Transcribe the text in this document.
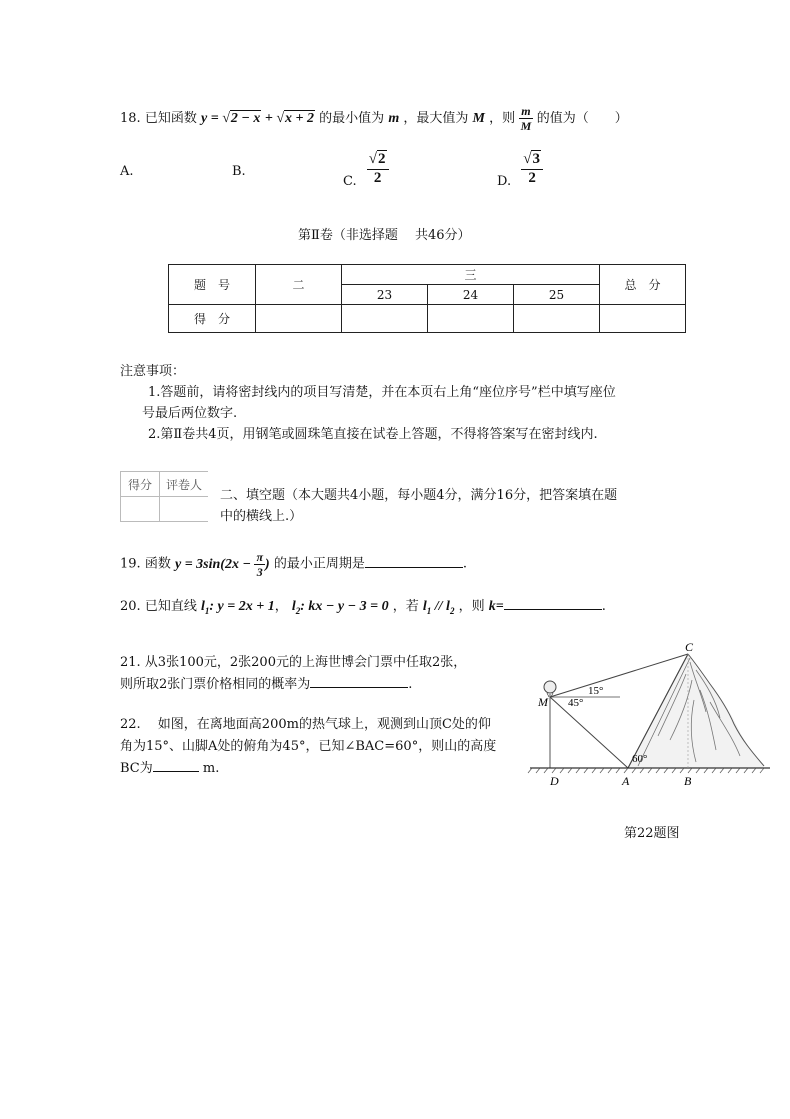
18. 已知函数 y = √2 − x + √x + 2 的最小值为 m ，最大值为 M ，则 $\frac{m}{M}$ 的值为（　　）
A.	B.
C. $\frac{√2}{2}$	D. $\frac{√3}{2}$
第Ⅱ卷（非选择题　 共46分）
题　号	二	三			总　分
		23	24	25	
得　分					
注意事项：
1.答题前，请将密封线内的项目写清楚，并在本页右上角“座位序号”栏中填写座位
号最后两位数字.
2.第Ⅱ卷共4页，用钢笔或圆珠笔直接在试卷上答题，不得将答案写在密封线内.
得分	评卷人

二、填空题（本大题共4小题，每小题4分，满分16分，把答案填在题
中的横线上.）
19. 函数 $y = 3\sin(2x - \frac{\pi}{3}$ ) 的最小正周期是	.
20. 已知直线 $l_1$: y = 2x + 1， $l_2$: kx − y − 3 = 0 ，若 $l_1 // l_2$ ，则 k=	.
21. 从3张100元，2张200元的上海世博会门票中任取2张，
则所取2张门票价格相同的概率为	.
22.　 如图，在离地面高200m的热气球上，观测到山顶C处的仰
角为15°、山脚A处的俯角为45°，已知∠BAC=60°，则山的高度
BC为	m.
15°
45°
60°
C
M
D	A	B
第22题图
